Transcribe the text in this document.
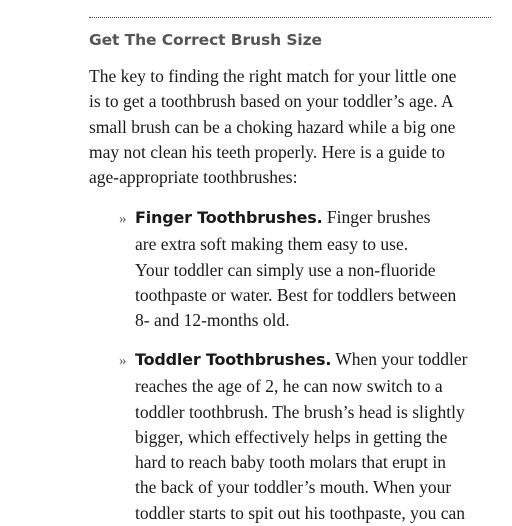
Get The Correct Brush Size

The key to finding the right match for your little one
is to get a toothbrush based on your toddler’s age. A
small brush can be a choking hazard while a big one
may not clean his teeth properly. Here is a guide to
age-appropriate toothbrushes:

» Finger Toothbrushes. Finger brushes
are extra soft making them easy to use.
Your toddler can simply use a non-fluoride
toothpaste or water. Best for toddlers between
8- and 12-months old.
» Toddler Toothbrushes. When your toddler
reaches the age of 2, he can now switch to a
toddler toothbrush. The brush’s head is slightly
bigger, which effectively helps in getting the
hard to reach baby tooth molars that erupt in
the back of your toddler’s mouth. When your
toddler starts to spit out his toothpaste, you can
